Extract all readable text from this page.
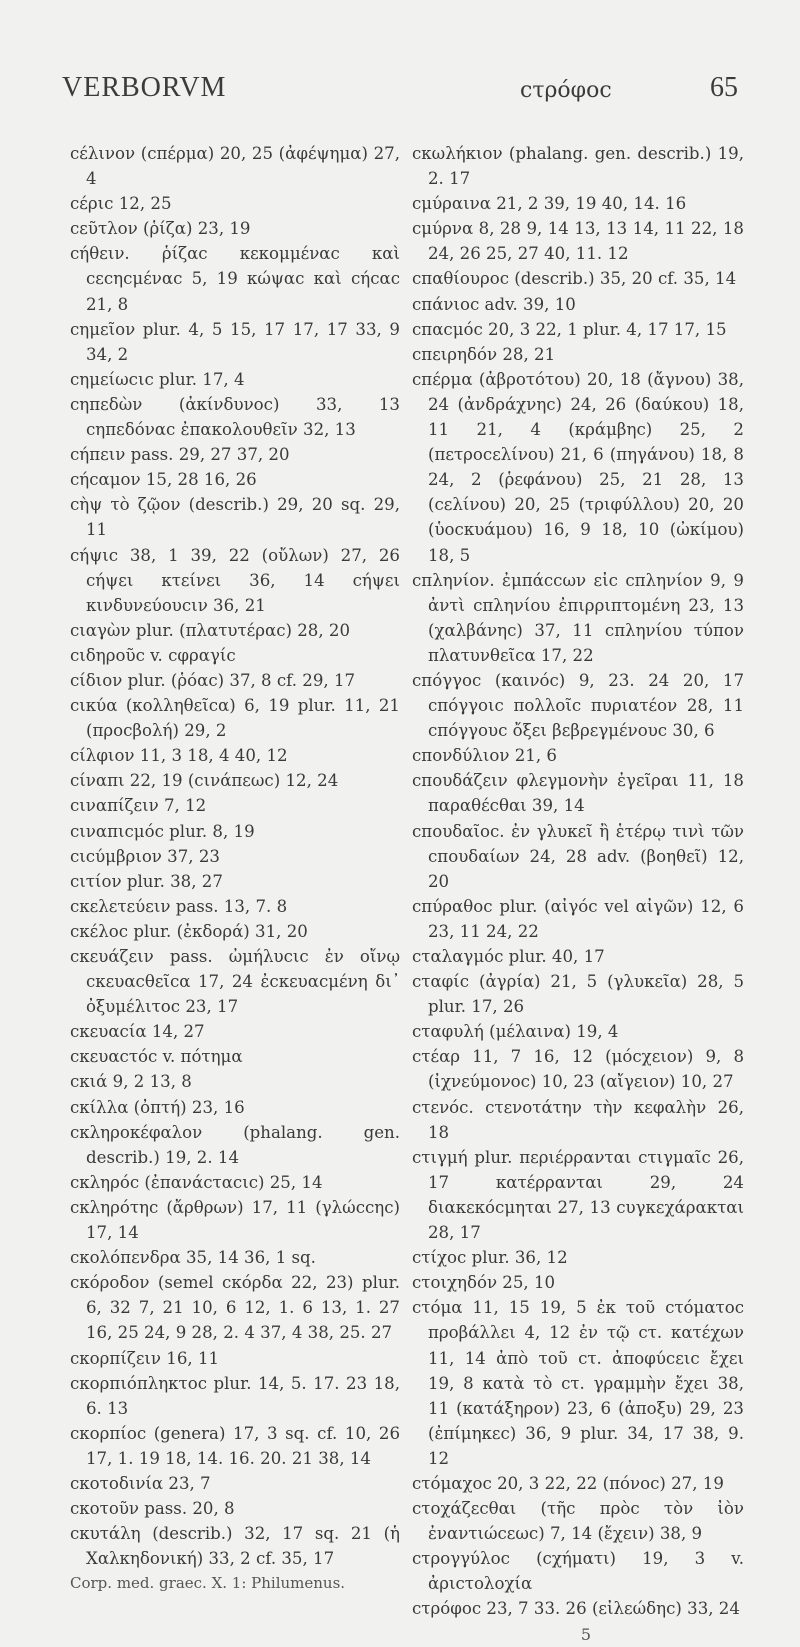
VERBORVM	cτρόφοc	65

cέλινον (cπέρμα) 20, 25 (ἀφέψημα) 27, 4

cέριc 12, 25

cεῦτλον (ῥίζα) 23, 19

cήθειν. ῥίζαc κεκομμέναc καὶ cεcηcμέναc 5, 19 κώψαc καὶ cήcαc 21, 8

cημεῖον plur. 4, 5 15, 17 17, 17 33, 9 34, 2

cημείωcιc plur. 17, 4

cηπεδὼν (ἀκίνδυνοc) 33, 13 cηπεδόναc ἐπακολουθεῖν 32, 13

cήπειν pass. 29, 27 37, 20

cήcαμον 15, 28 16, 26

cὴψ τὸ ζῷον (describ.) 29, 20 sq. 29, 11

cήψιc 38, 1 39, 22 (οὔλων) 27, 26 cήψει κτείνει 36, 14 cήψει κινδυνεύουcιν 36, 21

cιαγὼν plur. (πλατυτέραc) 28, 20

cιδηροῦc v. cφραγίc

cίδιον plur. (ῥόαc) 37, 8 cf. 29, 17

cικύα (κολληθεῖcα) 6, 19 plur. 11, 21 (προcβολή) 29, 2

cίλφιον 11, 3 18, 4 40, 12

cίναπι 22, 19 (cινάπεωc) 12, 24

cιναπίζειν 7, 12

cιναπιcμόc plur. 8, 19

cιcύμβριον 37, 23

cιτίον plur. 38, 27

cκελετεύειν pass. 13, 7. 8

cκέλοc plur. (ἐκδορά) 31, 20

cκευάζειν pass. ὠμήλυcιc ἐν οἴνῳ cκευαcθεῖcα 17, 24 ἐcκευαcμένη δι᾿ ὀξυμέλιτοc 23, 17

cκευαcία 14, 27

cκευαcτόc v. πότημα

cκιά 9, 2 13, 8

cκίλλα (ὀπτή) 23, 16

cκληροκέφαλον (phalang. gen. describ.) 19, 2. 14

cκληρόc (ἐπανάcταcιc) 25, 14

cκληρότηc (ἄρθρων) 17, 11 (γλώccηc) 17, 14

cκολόπενδρα 35, 14 36, 1 sq.

cκόροδον (semel cκόρδα 22, 23) plur. 6, 32 7, 21 10, 6 12, 1. 6 13, 1. 27 16, 25 24, 9 28, 2. 4 37, 4 38, 25. 27

cκορπίζειν 16, 11

cκορπιόπληκτοc plur. 14, 5. 17. 23 18, 6. 13

cκορπίοc (genera) 17, 3 sq. cf. 10, 26 17, 1. 19 18, 14. 16. 20. 21 38, 14

cκοτοδινία 23, 7

cκοτοῦν pass. 20, 8

cκυτάλη (describ.) 32, 17 sq. 21 (ἡ Χαλκηδονική) 33, 2 cf. 35, 17

Corp. med. graec. X. 1: Philumenus.

cκωλήκιον (phalang. gen. describ.) 19, 2. 17

cμύραινα 21, 2 39, 19 40, 14. 16

cμύρνα 8, 28 9, 14 13, 13 14, 11 22, 18 24, 26 25, 27 40, 11. 12

cπαθίουροc (describ.) 35, 20 cf. 35, 14

cπάνιοc adv. 39, 10

cπαcμόc 20, 3 22, 1 plur. 4, 17 17, 15

cπειρηδόν 28, 21

cπέρμα (ἀβροτότου) 20, 18 (ἄγνου) 38, 24 (ἀνδράχνηc) 24, 26 (δαύκου) 18, 11 21, 4 (κράμβηc) 25, 2 (πετροcελίνου) 21, 6 (πηγάνου) 18, 8 24, 2 (ῥεφάνου) 25, 21 28, 13 (cελίνου) 20, 25 (τριφύλλου) 20, 20 (ὑοcκυάμου) 16, 9 18, 10 (ὠκίμου) 18, 5

cπληνίον. ἐμπάccων εἰc cπληνίον 9, 9 ἀντὶ cπληνίου ἐπιρριπτομένη 23, 13 (χαλβάνηc) 37, 11 cπληνίου τύπον πλατυνθεῖcα 17, 22

cπόγγοc (καινόc) 9, 23. 24 20, 17 cπόγγοιc πολλοῖc πυριατέον 28, 11 cπόγγουc ὄξει βεβρεγμένουc 30, 6

cπονδύλιον 21, 6

cπουδάζειν φλεγμονὴν ἐγεῖραι 11, 18 παραθέcθαι 39, 14

cπουδαῖοc. ἐν γλυκεῖ ἢ ἑτέρῳ τινὶ τῶν cπουδαίων 24, 28 adv. (βοηθεῖ) 12, 20

cπύραθοc plur. (αἰγόc vel αἰγῶν) 12, 6 23, 11 24, 22

cταλαγμόc plur. 40, 17

cταφίc (ἀγρία) 21, 5 (γλυκεῖα) 28, 5 plur. 17, 26

cταφυλή (μέλαινα) 19, 4

cτέαρ 11, 7 16, 12 (μόcχειον) 9, 8 (ἰχνεύμονοc) 10, 23 (αἴγειον) 10, 27

cτενόc. cτενοτάτην τὴν κεφαλὴν 26, 18

cτιγμή plur. περιέρρανται cτιγμαῖc 26, 17 κατέρρανται 29, 24 διακεκόcμηται 27, 13 cυγκεχάρακται 28, 17

cτίχοc plur. 36, 12

cτοιχηδόν 25, 10

cτόμα 11, 15 19, 5 ἐκ τοῦ cτόματοc προβάλλει 4, 12 ἐν τῷ cτ. κατέχων 11, 14 ἀπὸ τοῦ cτ. ἀποφύcειc ἔχει 19, 8 κατὰ τὸ cτ. γραμμὴν ἔχει 38, 11 (κατάξηρον) 23, 6 (ἀποξυ) 29, 23 (ἐπίμηκεc) 36, 9 plur. 34, 17 38, 9. 12

cτόμαχοc 20, 3 22, 22 (πόνοc) 27, 19

cτοχάζεcθαι (τῆc πρὸc τὸν ἰὸν ἐναντιώcεωc) 7, 14 (ἔχειν) 38, 9

cτρογγύλοc (cχήματι) 19, 3 v. ἀριcτολοχία

cτρόφοc 23, 7 33. 26 (εἰλεώδηc) 33, 24

5
